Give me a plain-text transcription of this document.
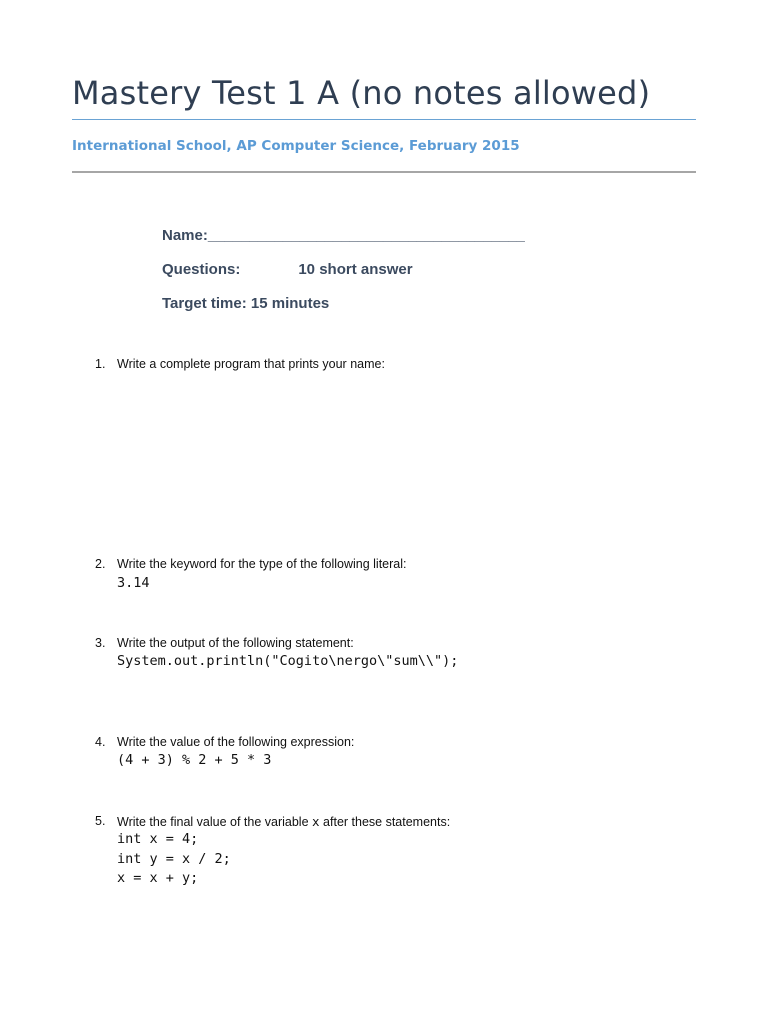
Mastery Test 1 A (no notes allowed)
International School, AP Computer Science, February 2015
Name:______________________________________
Questions:	10 short answer
Target time: 15 minutes
1. Write a complete program that prints your name:
2. Write the keyword for the type of the following literal:
3.14
3. Write the output of the following statement:
System.out.println("Cogito\nergo\"sum\\");
4. Write the value of the following expression:
(4 + 3) % 2 + 5 * 3
5. Write the final value of the variable x after these statements:
int x = 4;
int y = x / 2;
x = x + y;
